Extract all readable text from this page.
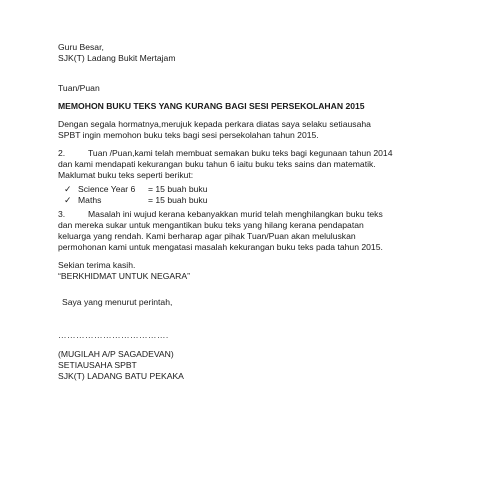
Guru Besar,

SJK(T) Ladang Bukit Mertajam

Tuan/Puan

MEMOHON BUKU TEKS YANG KURANG BAGI SESI PERSEKOLAHAN 2015

Dengan segala hormatnya,merujuk kepada perkara diatas saya selaku setiausaha

SPBT ingin memohon buku teks bagi sesi persekolahan tahun 2015.

2.	Tuan /Puan,kami telah membuat semakan buku teks bagi kegunaan tahun 2014

dan kami mendapati kekurangan buku tahun 6 iaitu buku teks sains dan matematik.

Maklumat buku teks seperti berikut:

✓ Science Year 6 = 15 buah buku
✓ Maths	= 15 buah buku
3.	Masalah ini wujud kerana kebanyakkan murid telah menghilangkan buku teks

dan mereka sukar untuk mengantikan buku teks yang hilang kerana pendapatan

keluarga yang rendah. Kami berharap agar pihak Tuan/Puan akan meluluskan

permohonan kami untuk mengatasi masalah kekurangan buku teks pada tahun 2015.

Sekian terima kasih.

“BERKHIDMAT UNTUK NEGARA”

Saya yang menurut perintah,

……………………………….

(MUGILAH A/P SAGADEVAN)

SETIAUSAHA SPBT

SJK(T) LADANG BATU PEKAKA
